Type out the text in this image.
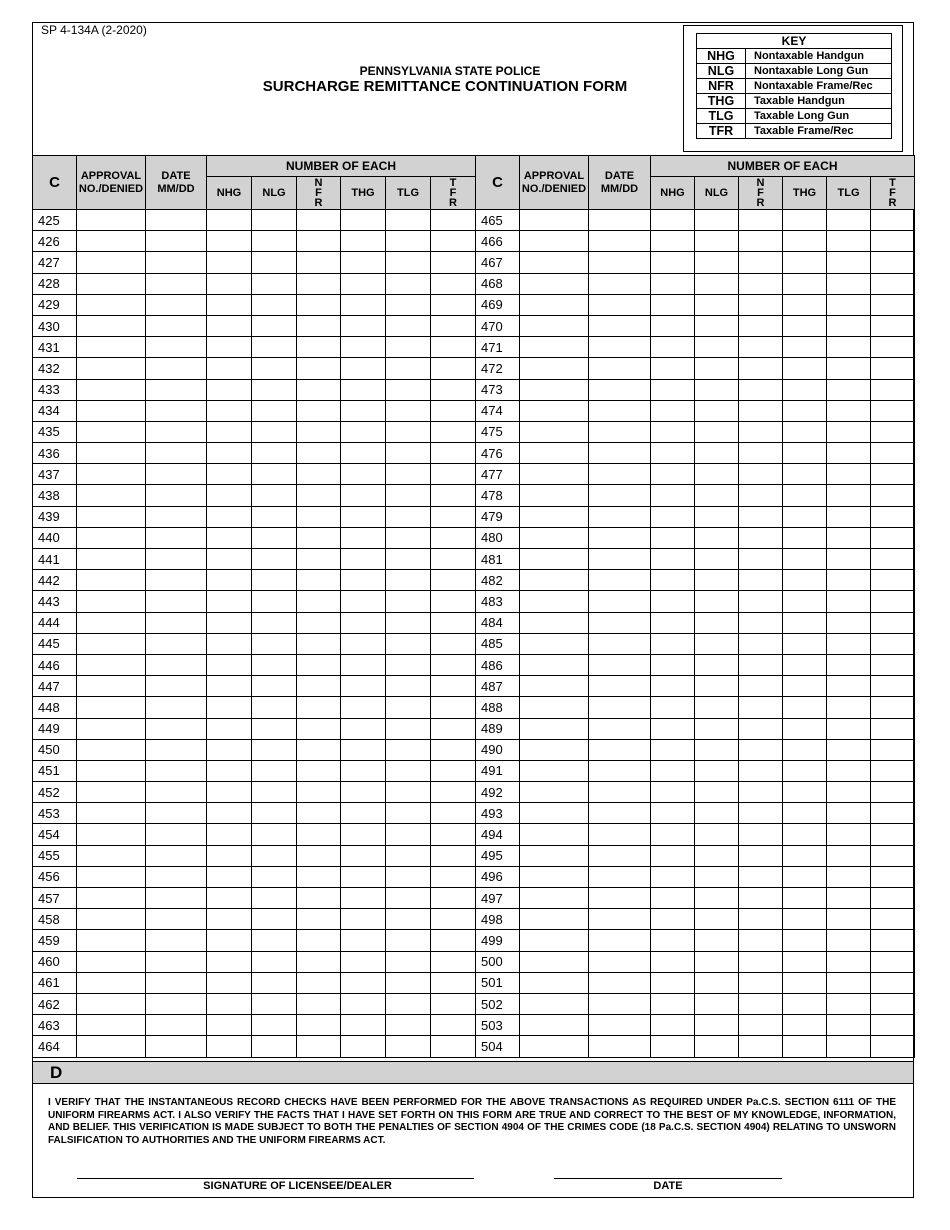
SP 4-134A (2-2020)
PENNSYLVANIA STATE POLICE
SURCHARGE REMITTANCE CONTINUATION FORM
KEY	
NHG	Nontaxable Handgun
NLG	Nontaxable Long Gun
NFR	Nontaxable Frame/Rec
THG	Taxable Handgun
TLG	Taxable Long Gun
TFR	Taxable Frame/Rec
C	APPROVAL NO./DENIED	DATE MM/DD	NUMBER OF EACH						C	APPROVAL NO./DENIED	DATE MM/DD	NUMBER OF EACH					
			NHG	NLG	N
F
R	THG	TLG	T
F
R				NHG	NLG	N
F
R	THG	TLG	T
F
R
425									465								
426									466								
427									467								
428									468								
429									469								
430									470								
431									471								
432									472								
433									473								
434									474								
435									475								
436									476								
437									477								
438									478								
439									479								
440									480								
441									481								
442									482								
443									483								
444									484								
445									485								
446									486								
447									487								
448									488								
449									489								
450									490								
451									491								
452									492								
453									493								
454									494								
455									495								
456									496								
457									497								
458									498								
459									499								
460									500								
461									501								
462									502								
463									503								
464									504								
D
I VERIFY THAT THE INSTANTANEOUS RECORD CHECKS HAVE BEEN PERFORMED FOR THE ABOVE TRANSACTIONS AS REQUIRED UNDER Pa.C.S. SECTION 6111 OF THE UNIFORM FIREARMS ACT. I ALSO VERIFY THE FACTS THAT I HAVE SET FORTH ON THIS FORM ARE TRUE AND CORRECT TO THE BEST OF MY KNOWLEDGE, INFORMATION, AND BELIEF. THIS VERIFICATION IS MADE SUBJECT TO BOTH THE PENALTIES OF SECTION 4904 OF THE CRIMES CODE (18 Pa.C.S. SECTION 4904) RELATING TO UNSWORN FALSIFICATION TO AUTHORITIES AND THE UNIFORM FIREARMS ACT.
SIGNATURE OF LICENSEE/DEALER	DATE
